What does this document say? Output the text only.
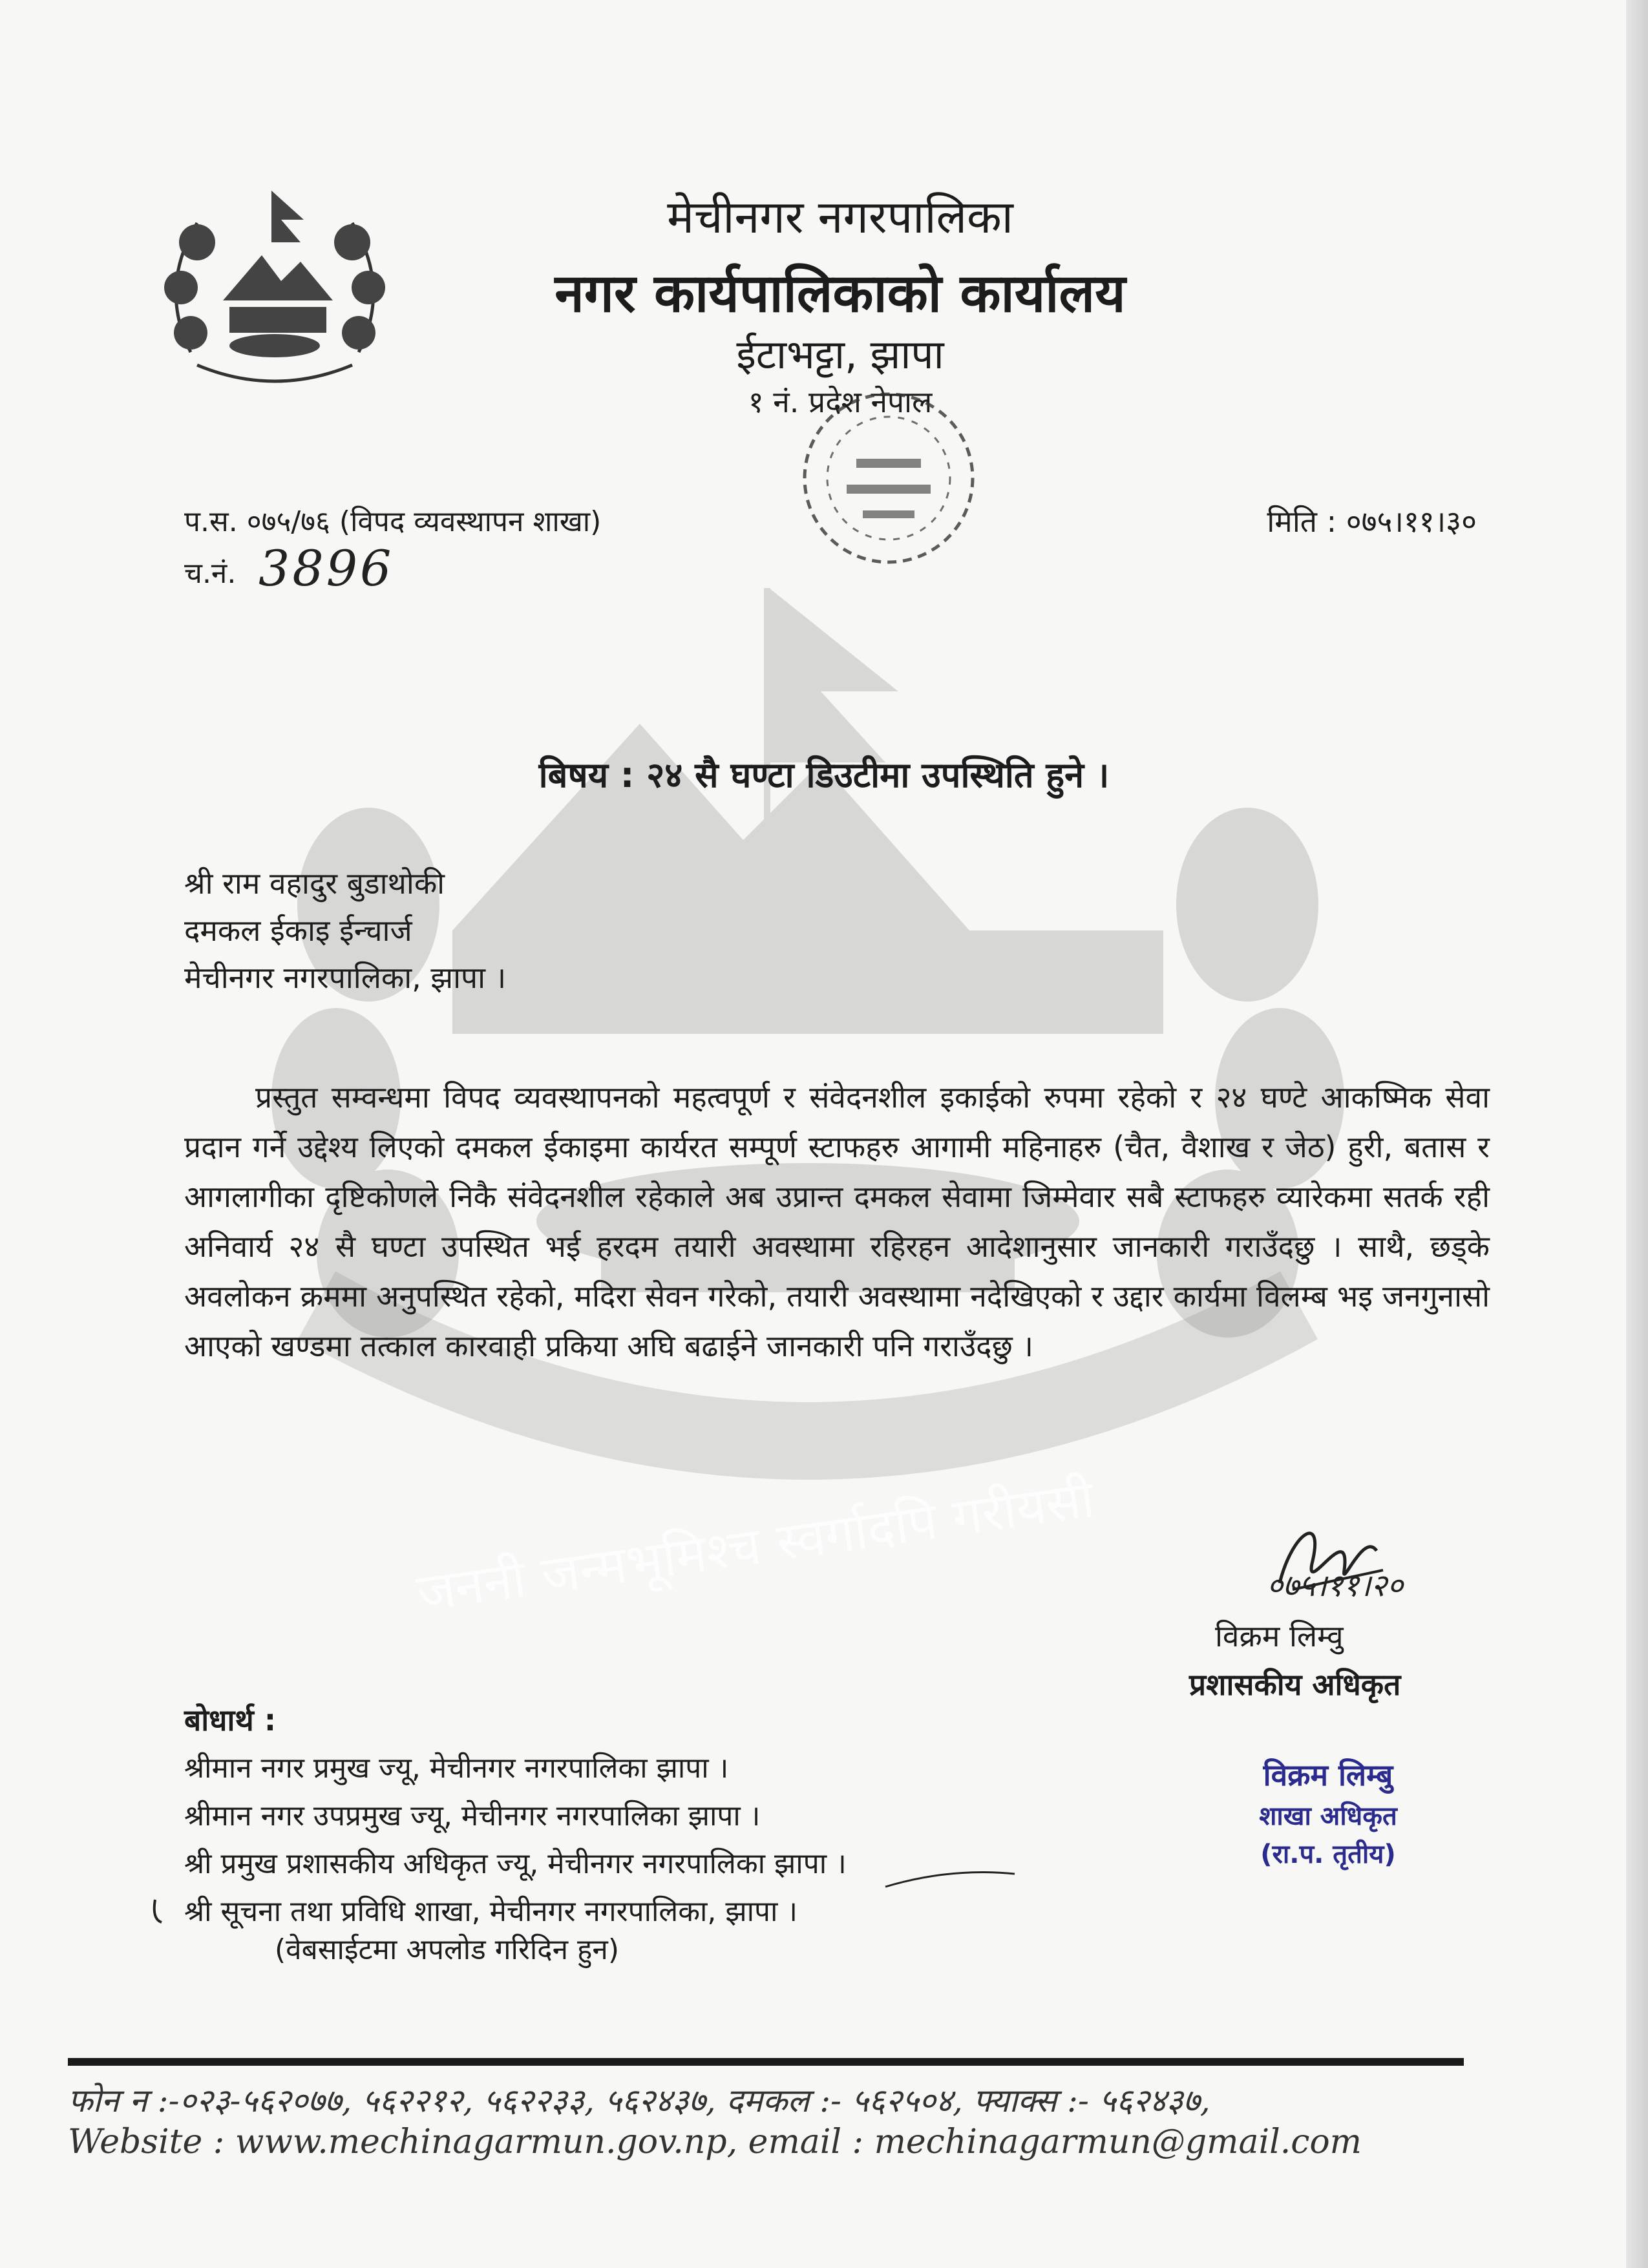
जननी जन्मभूमिश्च स्वर्गादपि गरीयसी
मेचीनगर नगरपालिका
नगर कार्यपालिकाको कार्यालय
ईटाभट्टा, झापा
१ नं. प्रदेश नेपाल
प.स. ०७५/७६ (विपद व्यवस्थापन शाखा)
च.नं. 3896
मिति : ०७५।११।३०
बिषय : २४ सै घण्टा डिउटीमा उपस्थिति हुने ।
श्री राम वहादुर बुडाथोकी
दमकल ईकाइ ईन्चार्ज
मेचीनगर नगरपालिका, झापा ।
प्रस्तुत सम्वन्धमा विपद व्यवस्थापनको महत्वपूर्ण र संवेदनशील इकाईको रुपमा रहेको र २४ घण्टे आकष्मिक सेवा प्रदान गर्ने उद्देश्य लिएको दमकल ईकाइमा कार्यरत सम्पूर्ण स्टाफहरु आगामी महिनाहरु (चैत, वैशाख र जेठ) हुरी, बतास र आगलागीका दृष्टिकोणले निकै संवेदनशील रहेकाले अब उप्रान्त दमकल सेवामा जिम्मेवार सबै स्टाफहरु व्यारेकमा सतर्क रही अनिवार्य २४ सै घण्टा उपस्थित भई हरदम तयारी अवस्थामा रहिरहन आदेशानुसार जानकारी गराउँदछु । साथै, छड्के अवलोकन क्रममा अनुपस्थित रहेको, मदिरा सेवन गरेको, तयारी अवस्थामा नदेखिएको र उद्दार कार्यमा विलम्ब भइ जनगुनासो आएको खण्डमा तत्काल कारवाही प्रकिया अघि बढाईने जानकारी पनि गराउँदछु ।
०७५।११।२०
विक्रम लिम्वु
प्रशासकीय अधिकृत
विक्रम लिम्बु
शाखा अधिकृत
(रा.प. तृतीय)
बोधार्थ :
श्रीमान नगर प्रमुख ज्यू, मेचीनगर नगरपालिका झापा ।
श्रीमान नगर उपप्रमुख ज्यू, मेचीनगर नगरपालिका झापा ।
श्री प्रमुख प्रशासकीय अधिकृत ज्यू, मेचीनगर नगरपालिका झापा ।
श्री सूचना तथा प्रविधि शाखा, मेचीनगर नगरपालिका, झापा ।
(वेबसाईटमा अपलोड गरिदिन हुन)
फोन न :-०२३-५६२०७७, ५६२२१२, ५६२२३३, ५६२४३७, दमकल :- ५६२५०४, फ्याक्स :- ५६२४३७,
Website : www.mechinagarmun.gov.np, email : mechinagarmun@gmail.com
